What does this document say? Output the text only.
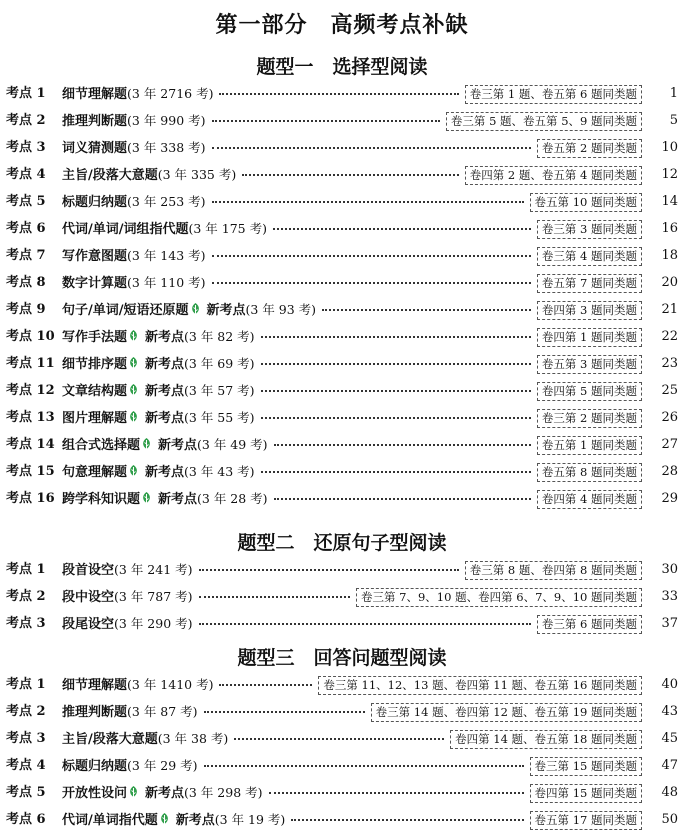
第一部分　高频考点补缺
题型一　选择型阅读
考点 1 细节理解题(3 年 2716 考)	卷三第 1 题、卷五第 6 题同类题	1
考点 2 推理判断题(3 年 990 考)	卷三第 5 题、卷五第 5、9 题同类题	5
考点 3 词义猜测题(3 年 338 考)	卷五第 2 题同类题	10
考点 4 主旨/段落大意题(3 年 335 考)	卷四第 2 题、卷五第 4 题同类题	12
考点 5 标题归纳题(3 年 253 考)	卷五第 10 题同类题	14
考点 6 代词/单词/词组指代题(3 年 175 考)	卷三第 3 题同类题	16
考点 7 写作意图题(3 年 143 考)	卷三第 4 题同类题	18
考点 8 数字计算题(3 年 110 考)	卷五第 7 题同类题	20
考点 9 句子/单词/短语还原题 新考点(3 年 93 考)	卷四第 3 题同类题	21
考点 10 写作手法题 新考点(3 年 82 考)	卷四第 1 题同类题	22
考点 11 细节排序题 新考点(3 年 69 考)	卷五第 3 题同类题	23
考点 12 文章结构题 新考点(3 年 57 考)	卷四第 5 题同类题	25
考点 13 图片理解题 新考点(3 年 55 考)	卷三第 2 题同类题	26
考点 14 组合式选择题 新考点(3 年 49 考)	卷五第 1 题同类题	27
考点 15 句意理解题 新考点(3 年 43 考)	卷五第 8 题同类题	28
考点 16 跨学科知识题 新考点(3 年 28 考)	卷四第 4 题同类题	29
题型二　还原句子型阅读
考点 1 段首设空(3 年 241 考)	卷三第 8 题、卷四第 8 题同类题	30
考点 2 段中设空(3 年 787 考)	卷三第 7、9、10 题、卷四第 6、7、9、10 题同类题	33
考点 3 段尾设空(3 年 290 考)	卷三第 6 题同类题	37
题型三　回答问题型阅读
考点 1 细节理解题(3 年 1410 考)	卷三第 11、12、13 题、卷四第 11 题、卷五第 16 题同类题	40
考点 2 推理判断题(3 年 87 考)	卷三第 14 题、卷四第 12 题、卷五第 19 题同类题	43
考点 3 主旨/段落大意题(3 年 38 考)	卷四第 14 题、卷五第 18 题同类题	45
考点 4 标题归纳题(3 年 29 考)	卷三第 15 题同类题	47
考点 5 开放性设问 新考点(3 年 298 考)	卷四第 15 题同类题	48
考点 6 代词/单词指代题 新考点(3 年 19 考)	卷五第 17 题同类题	50
